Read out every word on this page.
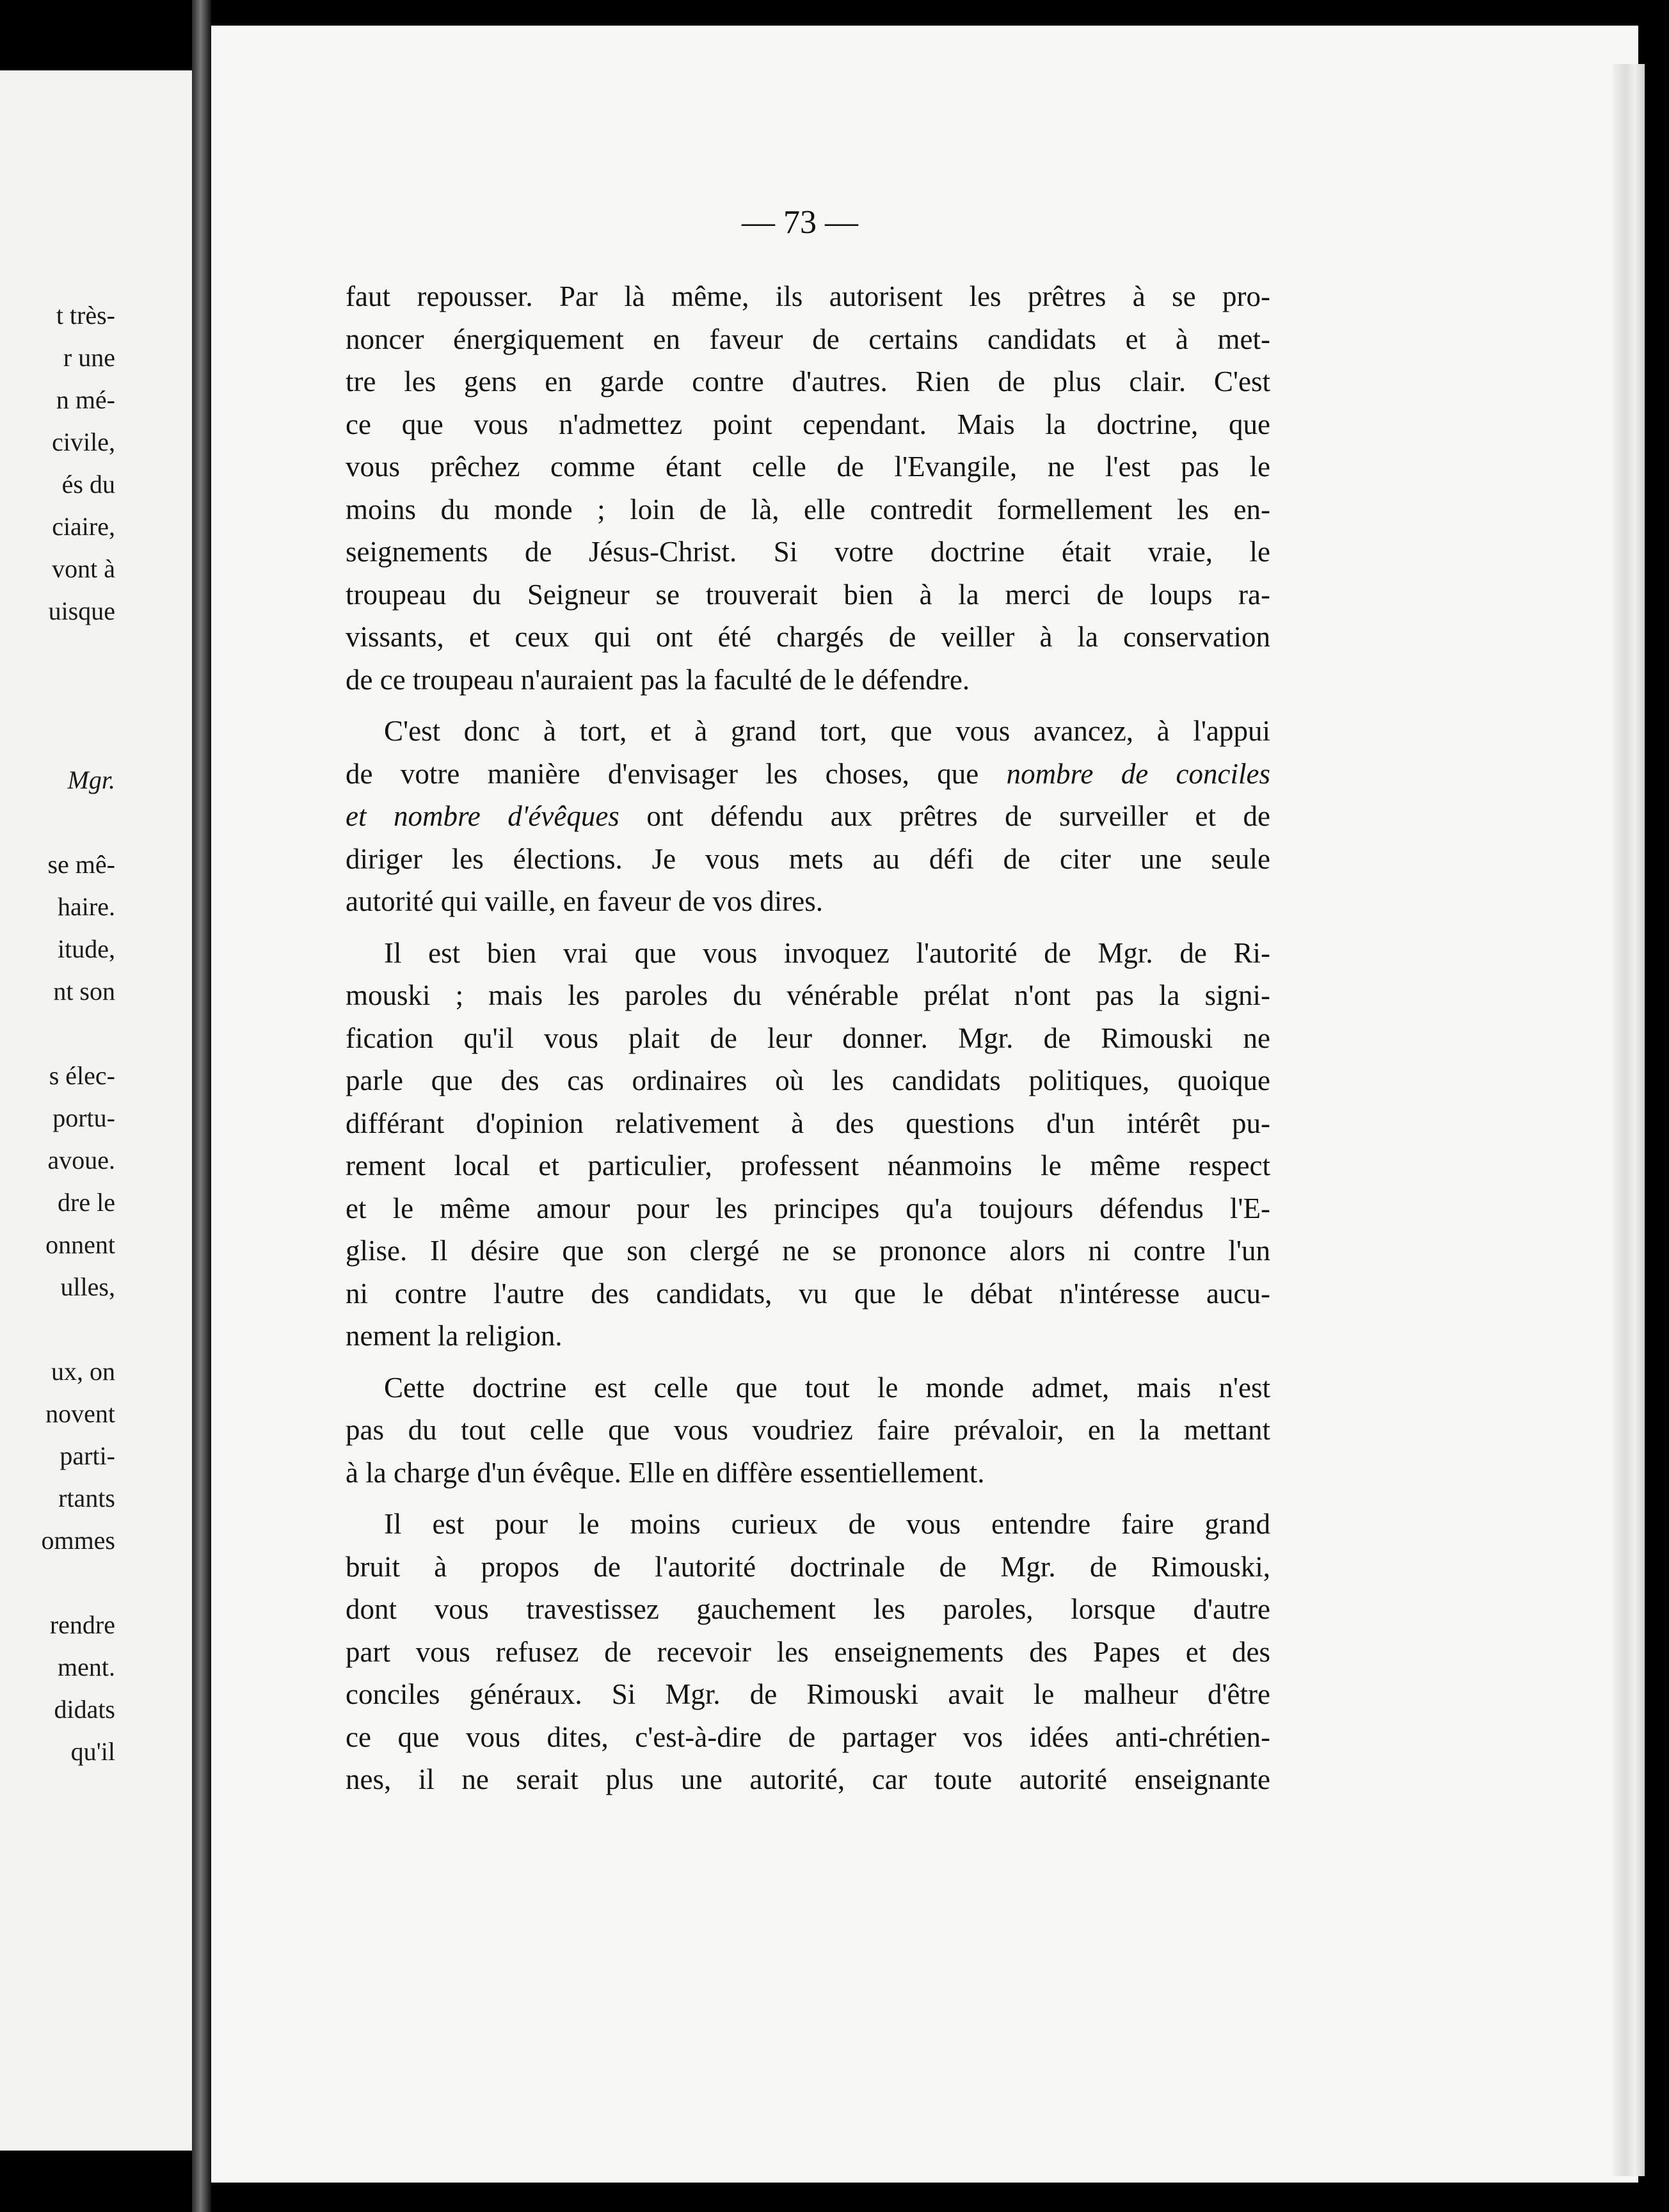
t très-
r une
n mé-
civile,
és du
ciaire,
vont à
uisque
Mgr.
se mê-
haire.
itude,
nt son
s élec-
portu-
avoue.
dre le
onnent
ulles,
ux, on
novent
parti-
rtants
ommes
rendre
ment.
didats
qu'il
— 73 —
faut repousser. Par là même, ils autorisent les prêtres à se pro-
noncer énergiquement en faveur de certains candidats et à met-
tre les gens en garde contre d'autres. Rien de plus clair. C'est
ce que vous n'admettez point cependant. Mais la doctrine, que
vous prêchez comme étant celle de l'Evangile, ne l'est pas le
moins du monde ; loin de là, elle contredit formellement les en-
seignements de Jésus-Christ. Si votre doctrine était vraie, le
troupeau du Seigneur se trouverait bien à la merci de loups ra-
vissants, et ceux qui ont été chargés de veiller à la conservation
de ce troupeau n'auraient pas la faculté de le défendre.
C'est donc à tort, et à grand tort, que vous avancez, à l'appui
de votre manière d'envisager les choses, que nombre de conciles
et nombre d'évêques ont défendu aux prêtres de surveiller et de
diriger les élections. Je vous mets au défi de citer une seule
autorité qui vaille, en faveur de vos dires.
Il est bien vrai que vous invoquez l'autorité de Mgr. de Ri-
mouski ; mais les paroles du vénérable prélat n'ont pas la signi-
fication qu'il vous plait de leur donner. Mgr. de Rimouski ne
parle que des cas ordinaires où les candidats politiques, quoique
différant d'opinion relativement à des questions d'un intérêt pu-
rement local et particulier, professent néanmoins le même respect
et le même amour pour les principes qu'a toujours défendus l'E-
glise. Il désire que son clergé ne se prononce alors ni contre l'un
ni contre l'autre des candidats, vu que le débat n'intéresse aucu-
nement la religion.
Cette doctrine est celle que tout le monde admet, mais n'est
pas du tout celle que vous voudriez faire prévaloir, en la mettant
à la charge d'un évêque. Elle en diffère essentiellement.
Il est pour le moins curieux de vous entendre faire grand
bruit à propos de l'autorité doctrinale de Mgr. de Rimouski,
dont vous travestissez gauchement les paroles, lorsque d'autre
part vous refusez de recevoir les enseignements des Papes et des
conciles généraux. Si Mgr. de Rimouski avait le malheur d'être
ce que vous dites, c'est-à-dire de partager vos idées anti-chrétien-
nes, il ne serait plus une autorité, car toute autorité enseignante
